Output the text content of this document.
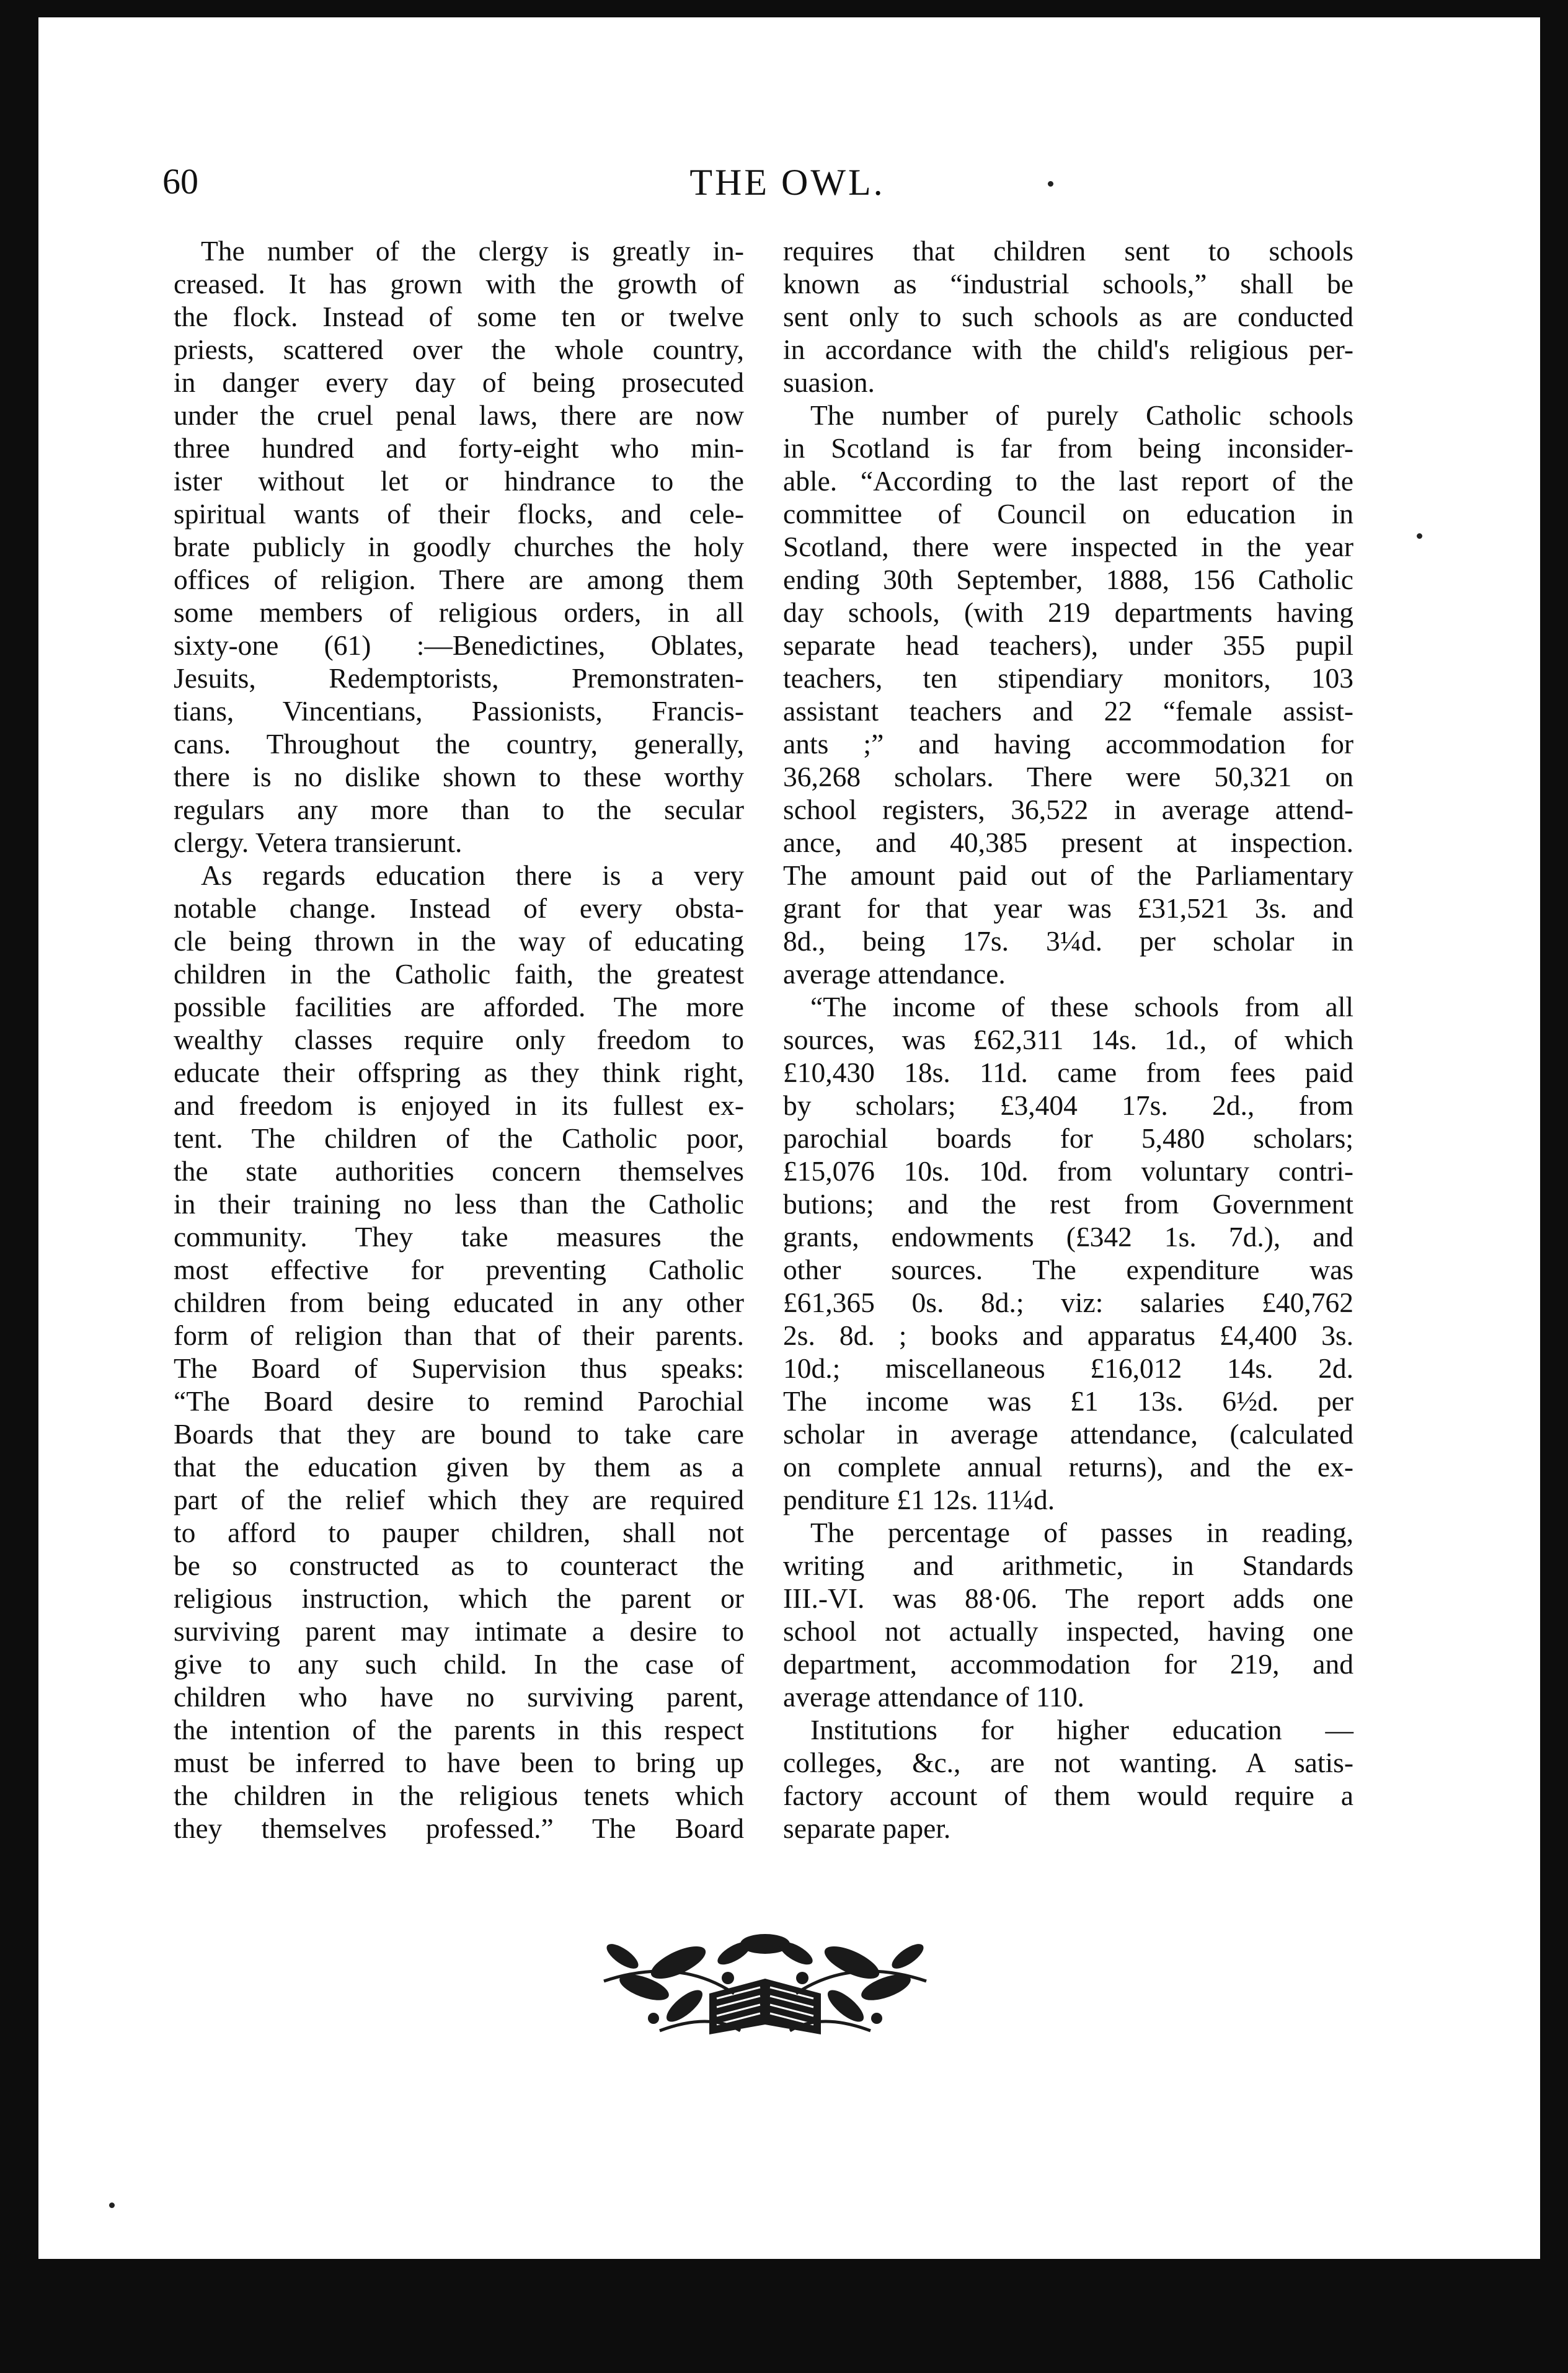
60	THE OWL.

The number of the clergy is greatly in-
creased. It has grown with the growth of
the flock. Instead of some ten or twelve
priests, scattered over the whole country,
in danger every day of being prosecuted
under the cruel penal laws, there are now
three hundred and forty-eight who min-
ister without let or hindrance to the
spiritual wants of their flocks, and cele-
brate publicly in goodly churches the holy
offices of religion. There are among them
some members of religious orders, in all
sixty-one (61) :—Benedictines, Oblates,
Jesuits, Redemptorists, Premonstraten-
tians, Vincentians, Passionists, Francis-
cans. Throughout the country, generally,
there is no dislike shown to these worthy
regulars any more than to the secular
clergy. Vetera transierunt.

As regards education there is a very
notable change. Instead of every obsta-
cle being thrown in the way of educating
children in the Catholic faith, the greatest
possible facilities are afforded. The more
wealthy classes require only freedom to
educate their offspring as they think right,
and freedom is enjoyed in its fullest ex-
tent. The children of the Catholic poor,
the state authorities concern themselves
in their training no less than the Catholic
community. They take measures the
most effective for preventing Catholic
children from being educated in any other
form of religion than that of their parents.
The Board of Supervision thus speaks:
“The Board desire to remind Parochial
Boards that they are bound to take care
that the education given by them as a
part of the relief which they are required
to afford to pauper children, shall not
be so constructed as to counteract the
religious instruction, which the parent or
surviving parent may intimate a desire to
give to any such child. In the case of
children who have no surviving parent,
the intention of the parents in this respect
must be inferred to have been to bring up
the children in the religious tenets which
they themselves professed.” The Board

requires that children sent to schools
known as “industrial schools,” shall be
sent only to such schools as are conducted
in accordance with the child's religious per-
suasion.

The number of purely Catholic schools
in Scotland is far from being inconsider-
able. “According to the last report of the
committee of Council on education in
Scotland, there were inspected in the year
ending 30th September, 1888, 156 Catholic
day schools, (with 219 departments having
separate head teachers), under 355 pupil
teachers, ten stipendiary monitors, 103
assistant teachers and 22 “female assist-
ants ;” and having accommodation for
36,268 scholars. There were 50,321 on
school registers, 36,522 in average attend-
ance, and 40,385 present at inspection.
The amount paid out of the Parliamentary
grant for that year was £31,521 3s. and
8d., being 17s. 3¼d. per scholar in
average attendance.

“The income of these schools from all
sources, was £62,311 14s. 1d., of which
£10,430 18s. 11d. came from fees paid
by scholars; £3,404 17s. 2d., from
parochial boards for 5,480 scholars;
£15,076 10s. 10d. from voluntary contri-
butions; and the rest from Government
grants, endowments (£342 1s. 7d.), and
other sources. The expenditure was
£61,365 0s. 8d.; viz: salaries £40,762
2s. 8d. ; books and apparatus £4,400 3s.
10d.; miscellaneous £16,012 14s. 2d.
The income was £1 13s. 6½d. per
scholar in average attendance, (calculated
on complete annual returns), and the ex-
penditure £1 12s. 11¼d.

The percentage of passes in reading,
writing and arithmetic, in Standards
III.-VI. was 88·06. The report adds one
school not actually inspected, having one
department, accommodation for 219, and
average attendance of 110.

Institutions for higher education —
colleges, &c., are not wanting. A satis-
factory account of them would require a
separate paper.
